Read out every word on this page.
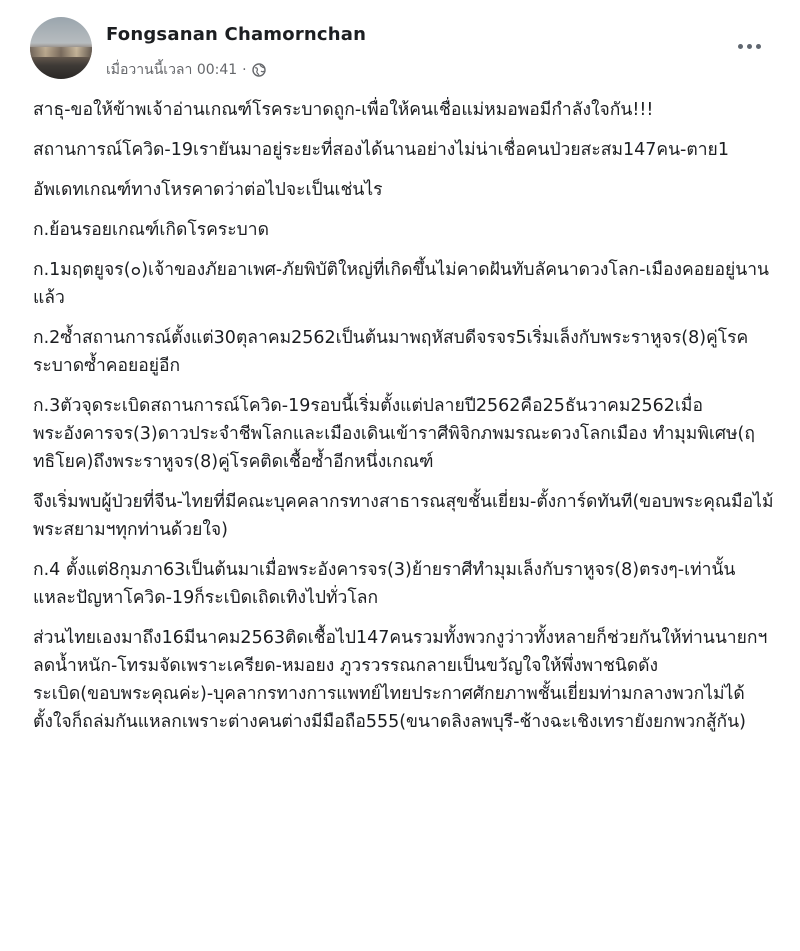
Fongsanan Chamornchan
เมื่อวานนี้เวลา 00:41 ·

สาธุ-ขอให้ข้าพเจ้าอ่านเกณฑ์โรคระบาดถูก-เพื่อให้คนเชื่อแม่หมอพอมีกำลังใจกัน!!!

สถานการณ์โควิด-19เรายันมาอยู่ระยะที่สองได้นานอย่างไม่น่าเชื่อคนป่วยสะสม147คน-ตาย1

อัพเดทเกณฑ์ทางโหรคาดว่าต่อไปจะเป็นเช่นไร

ก.ย้อนรอยเกณฑ์เกิดโรคระบาด

ก.1มฤตยูจร(๐)เจ้าของภัยอาเพศ-ภัยพิบัติใหญ่ที่เกิดขึ้นไม่คาดฝันทับลัคนาดวงโลก-เมืองคอยอยู่นานแล้ว

ก.2ซ้ำสถานการณ์ตั้งแต่30ตุลาคม2562เป็นต้นมาพฤหัสบดีจรจร5เริ่มเล็งกับพระราหูจร(8)คู่โรคระบาดซ้ำคอยอยู่อีก

ก.3ตัวจุดระเบิดสถานการณ์โควิด-19รอบนี้เริ่มตั้งแต่ปลายปี2562คือ25ธันวาคม2562เมื่อพระอังคารจร(3)ดาวประจำชีพโลกและเมืองเดินเข้าราศีพิจิกภพมรณะดวงโลกเมือง ทำมุมพิเศษ(ฤทธิโยค)ถึงพระราหูจร(8)คู่โรคติดเชื้อซ้ำอีกหนึ่งเกณฑ์

จึงเริ่มพบผู้ป่วยที่จีน-ไทยที่มีคณะบุคคลากรทางสาธารณสุขชั้นเยี่ยม-ตั้งการ์ดทันที(ขอบพระคุณมือไม้พระสยามฯทุกท่านด้วยใจ)

ก.4 ตั้งแต่8กุมภา63เป็นต้นมาเมื่อพระอังคารจร(3)ย้ายราศีทำมุมเล็งกับราหูจร(8)ตรงๆ-เท่านั้นแหละปัญหาโควิด-19ก็ระเบิดเถิดเทิงไปทั่วโลก

ส่วนไทยเองมาถึง16มีนาคม2563ติดเชื้อไป147คนรวมทั้งพวกงูว่าวทั้งหลายก็ช่วยกันให้ท่านนายกฯลดน้ำหนัก-โทรมจัดเพราะเครียด-หมอยง ภูวรวรรณกลายเป็นขวัญใจให้พึ่งพาชนิดดังระเบิด(ขอบพระคุณค่ะ)-บุคลากรทางการแพทย์ไทยประกาศศักยภาพชั้นเยี่ยมท่ามกลางพวกไม่ได้ตั้งใจก็ถล่มกันแหลกเพราะต่างคนต่างมีมือถือ555(ขนาดลิงลพบุรี-ช้างฉะเชิงเทรายังยกพวกสู้กัน)
